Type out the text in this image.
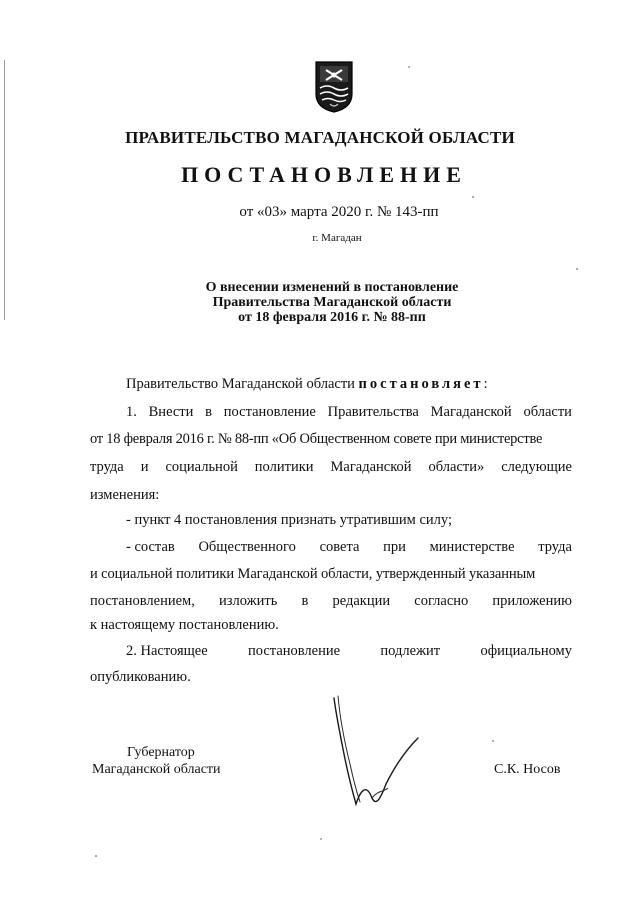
ПРАВИТЕЛЬСТВО МАГАДАНСКОЙ ОБЛАСТИ
ПОСТАНОВЛЕНИЕ
от «03» марта 2020 г. № 143-пп
г. Магадан
О внесении изменений в постановление
Правительства Магаданской области
от 18 февраля 2016 г. № 88-пп
Правительство Магаданской области постановляет:
1. Внести в постановление Правительства Магаданской области
от 18 февраля 2016 г. № 88-пп «Об Общественном совете при министерстве
труда и социальной политики Магаданской области» следующие
изменения:
- пункт 4 постановления признать утратившим силу;
- состав Общественного совета при министерстве труда
и социальной политики Магаданской области, утвержденный указанным
постановлением, изложить в редакции согласно приложению
к настоящему постановлению.
2. Настоящее	постановление	подлежит	официальному
опубликованию.
Губернатор
Магаданской области	С.К. Носов
